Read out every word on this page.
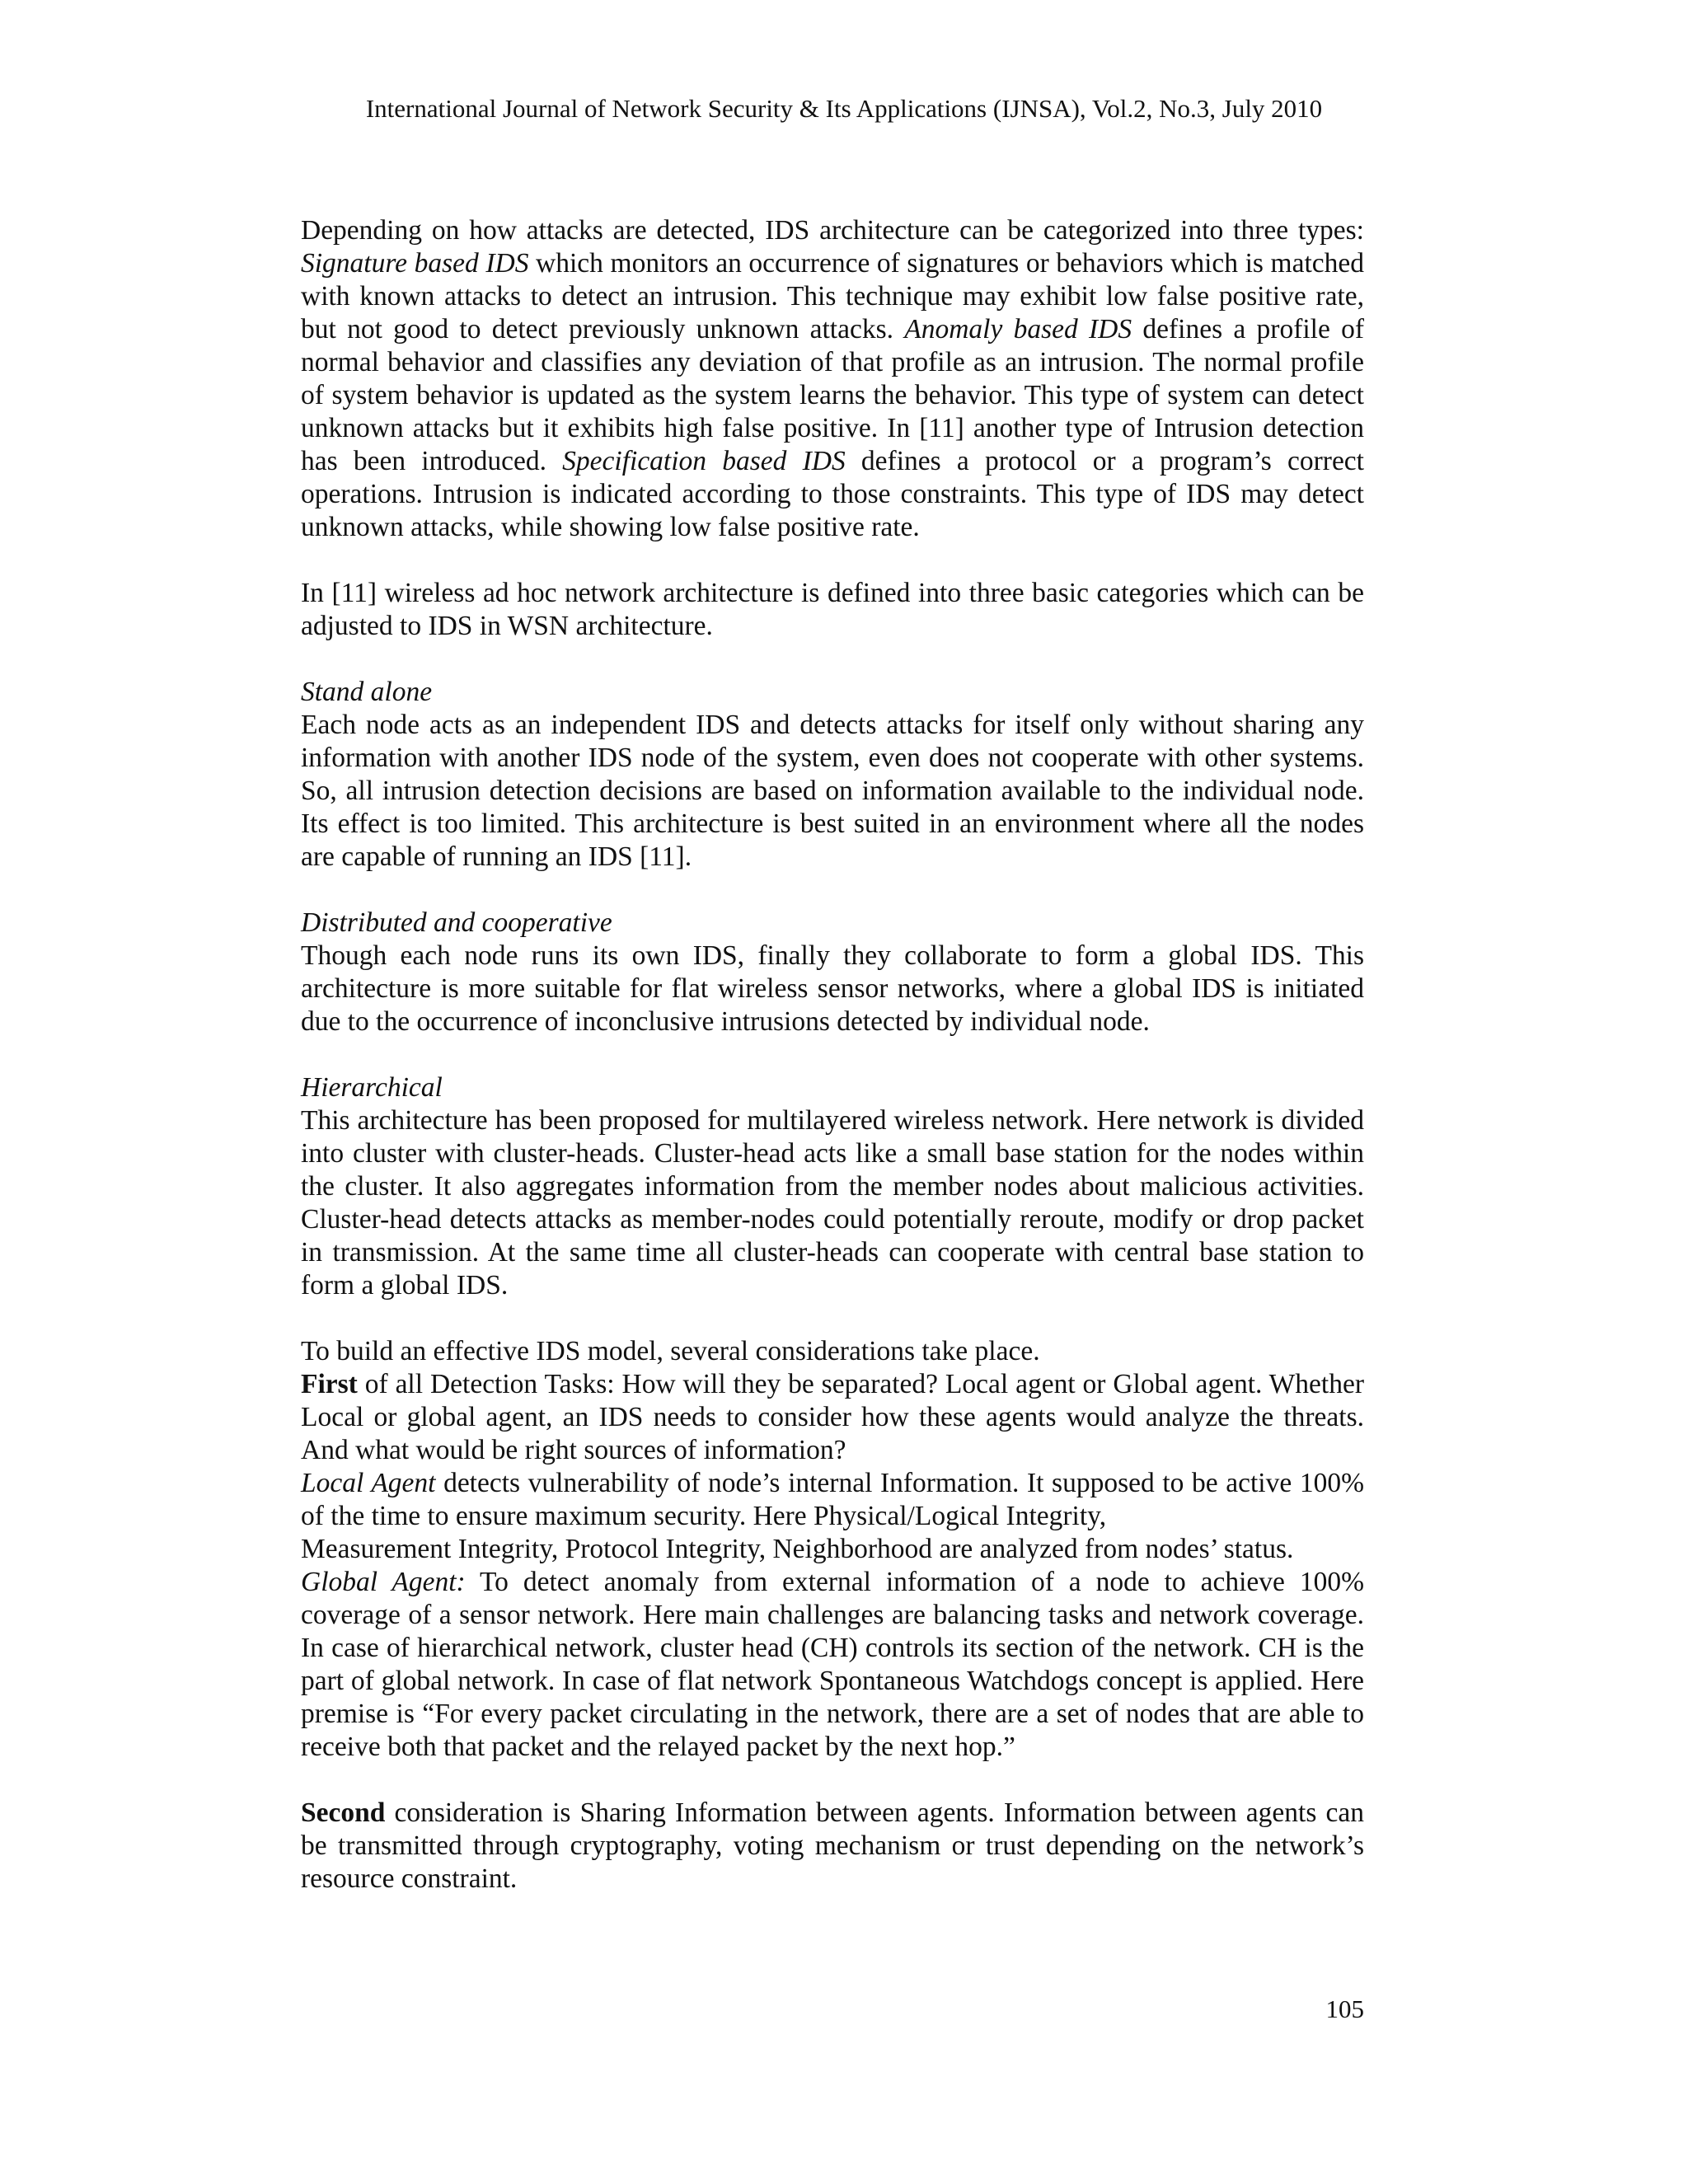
International Journal of Network Security & Its Applications (IJNSA), Vol.2, No.3, July 2010

Depending on how attacks are detected, IDS architecture can be categorized into three types: Signature based IDS which monitors an occurrence of signatures or behaviors which is matched with known attacks to detect an intrusion. This technique may exhibit low false positive rate, but not good to detect previously unknown attacks. Anomaly based IDS defines a profile of normal behavior and classifies any deviation of that profile as an intrusion. The normal profile of system behavior is updated as the system learns the behavior. This type of system can detect unknown attacks but it exhibits high false positive. In [11] another type of Intrusion detection has been introduced. Specification based IDS defines a protocol or a program’s correct operations. Intrusion is indicated according to those constraints. This type of IDS may detect unknown attacks, while showing low false positive rate.

In [11] wireless ad hoc network architecture is defined into three basic categories which can be adjusted to IDS in WSN architecture.

Stand alone

Each node acts as an independent IDS and detects attacks for itself only without sharing any information with another IDS node of the system, even does not cooperate with other systems. So, all intrusion detection decisions are based on information available to the individual node. Its effect is too limited. This architecture is best suited in an environment where all the nodes are capable of running an IDS [11].

Distributed and cooperative

Though each node runs its own IDS, finally they collaborate to form a global IDS. This architecture is more suitable for flat wireless sensor networks, where a global IDS is initiated due to the occurrence of inconclusive intrusions detected by individual node.

Hierarchical

This architecture has been proposed for multilayered wireless network. Here network is divided into cluster with cluster-heads. Cluster-head acts like a small base station for the nodes within the cluster. It also aggregates information from the member nodes about malicious activities. Cluster-head detects attacks as member-nodes could potentially reroute, modify or drop packet in transmission. At the same time all cluster-heads can cooperate with central base station to form a global IDS.

To build an effective IDS model, several considerations take place.

First of all Detection Tasks: How will they be separated? Local agent or Global agent. Whether Local or global agent, an IDS needs to consider how these agents would analyze the threats. And what would be right sources of information?

Local Agent detects vulnerability of node’s internal Information. It supposed to be active 100% of the time to ensure maximum security. Here Physical/Logical Integrity,

Measurement Integrity, Protocol Integrity, Neighborhood are analyzed from nodes’ status.

Global Agent: To detect anomaly from external information of a node to achieve 100% coverage of a sensor network. Here main challenges are balancing tasks and network coverage. In case of hierarchical network, cluster head (CH) controls its section of the network. CH is the part of global network. In case of flat network Spontaneous Watchdogs concept is applied. Here premise is “For every packet circulating in the network, there are a set of nodes that are able to receive both that packet and the relayed packet by the next hop.”

Second consideration is Sharing Information between agents. Information between agents can be transmitted through cryptography, voting mechanism or trust depending on the network’s resource constraint.

105
